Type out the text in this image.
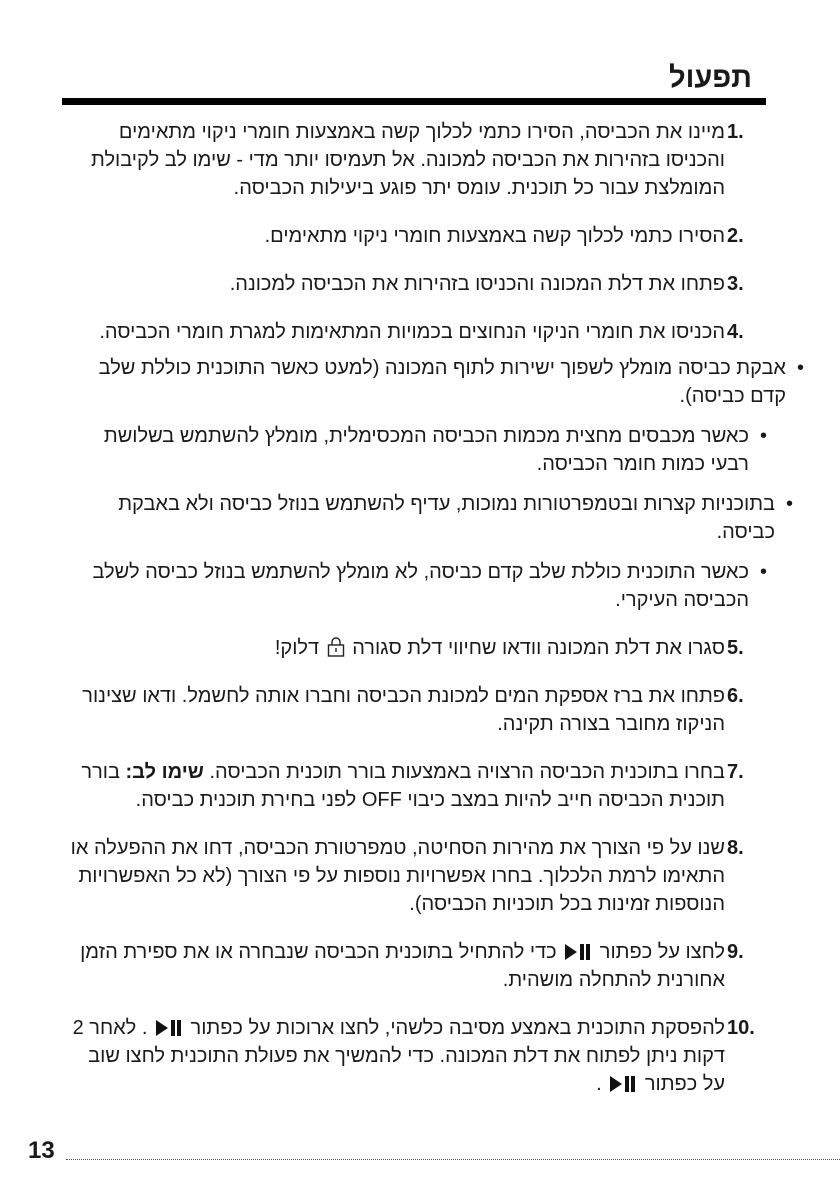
תפעול
1.
מיינו את הכביסה, הסירו כתמי לכלוך קשה באמצעות חומרי ניקוי מתאימים והכניסו בזהירות את הכביסה למכונה. אל תעמיסו יותר מדי - שימו לב לקיבולת המומלצת עבור כל תוכנית. עומס יתר פוגע ביעילות הכביסה.
2.
הסירו כתמי לכלוך קשה באמצעות חומרי ניקוי מתאימים.
3.
פתחו את דלת המכונה והכניסו בזהירות את הכביסה למכונה.
4.
הכניסו את חומרי הניקוי הנחוצים בכמויות המתאימות למגרת חומרי הכביסה.
•
אבקת כביסה מומלץ לשפוך ישירות לתוף המכונה (למעט כאשר התוכנית כוללת שלב קדם כביסה).
•
כאשר מכבסים מחצית מכמות הכביסה המכסימלית, מומלץ להשתמש בשלושת רבעי כמות חומר הכביסה.
•
בתוכניות קצרות ובטמפרטורות נמוכות, עדיף להשתמש בנוזל כביסה ולא באבקת כביסה.
•
כאשר התוכנית כוללת שלב קדם כביסה, לא מומלץ להשתמש בנוזל כביסה לשלב הכביסה העיקרי.
5.
סגרו את דלת המכונה וודאו שחיווי דלת סגורה  דלוק!
6.
פתחו את ברז אספקת המים למכונת הכביסה וחברו אותה לחשמל. ודאו שצינור הניקוז מחובר בצורה תקינה.
7.
בחרו בתוכנית הכביסה הרצויה באמצעות בורר תוכנית הכביסה. שימו לב: בורר תוכנית הכביסה חייב להיות במצב כיבוי OFF לפני בחירת תוכנית כביסה.
8.
שנו על פי הצורך את מהירות הסחיטה, טמפרטורת הכביסה, דחו את ההפעלה או התאימו לרמת הלכלוך. בחרו אפשרויות נוספות על פי הצורך (לא כל האפשרויות הנוספות זמינות בכל תוכניות הכביסה).
9.
לחצו על כפתור  כדי להתחיל בתוכנית הכביסה שנבחרה או את ספירת הזמן אחורנית להתחלה מושהית.
10.
להפסקת התוכנית באמצע מסיבה כלשהי, לחצו ארוכות על כפתור  . לאחר 2 דקות ניתן לפתוח את דלת המכונה. כדי להמשיך את פעולת התוכנית לחצו שוב על כפתור  .
13
